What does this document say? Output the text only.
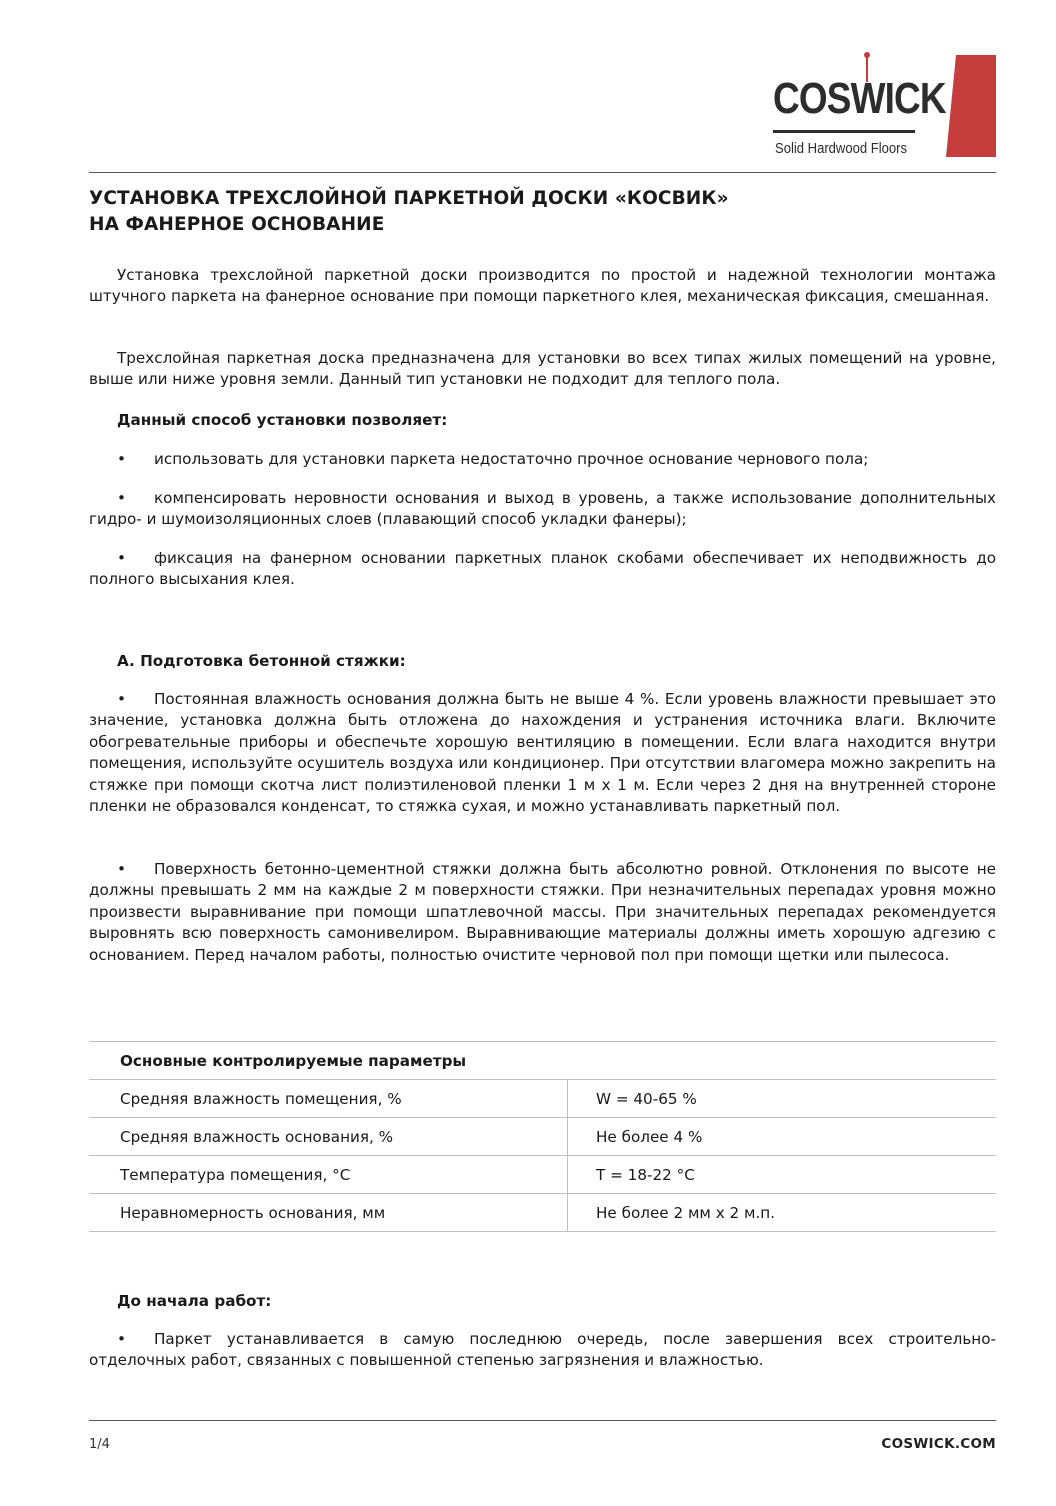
COSWICK
Solid Hardwood Floors
УСТАНОВКА ТРЕХСЛОЙНОЙ ПАРКЕТНОЙ ДОСКИ «КОСВИК»
НА ФАНЕРНОЕ ОСНОВАНИЕ
Установка трехслойной паркетной доски производится по простой и надежной технологии монтажа штучного паркета на фанерное основание при помощи паркетного клея, механическая фиксация, смешанная.
Трехслойная паркетная доска предназначена для установки во всех типах жилых помещений на уровне, выше или ниже уровня земли. Данный тип установки не подходит для теплого пола.
Данный способ установки позволяет:
• использовать для установки паркета недостаточно прочное основание чернового пола;
• компенсировать неровности основания и выход в уровень, а также использование дополнительных гидро- и шумоизоляционных слоев (плавающий способ укладки фанеры);
• фиксация на фанерном основании паркетных планок скобами обеспечивает их неподвижность до полного высыхания клея.
A. Подготовка бетонной стяжки:
• Постоянная влажность основания должна быть не выше 4 %. Если уровень влажности превышает это значение, установка должна быть отложена до нахождения и устранения источника влаги. Включите обогревательные приборы и обеспечьте хорошую вентиляцию в помещении. Если влага находится внутри помещения, используйте осушитель воздуха или кондиционер. При отсутствии влагомера можно закрепить на стяжке при помощи скотча лист полиэтиленовой пленки 1 м х 1 м. Если через 2 дня на внутренней стороне пленки не образовался конденсат, то стяжка сухая, и можно устанавливать паркетный пол.
• Поверхность бетонно-цементной стяжки должна быть абсолютно ровной. Отклонения по высоте не должны превышать 2 мм на каждые 2 м поверхности стяжки. При незначительных перепадах уровня можно произвести выравнивание при помощи шпатлевочной массы. При значительных перепадах рекомендуется выровнять всю поверхность самонивелиром. Выравнивающие материалы должны иметь хорошую адгезию с основанием. Перед началом работы, полностью очистите черновой пол при помощи щетки или пылесоса.
Основные контролируемые параметры	
Средняя влажность помещения, %	W = 40-65 %
Средняя влажность основания, %	Не более 4 %
Температура помещения, °С	Т = 18-22 °С
Неравномерность основания, мм	Не более 2 мм х 2 м.п.
До начала работ:
• Паркет устанавливается в самую последнюю очередь, после завершения всех строительно-отделочных работ, связанных с повышенной степенью загрязнения и влажностью.
1/4	COSWICK.COM
